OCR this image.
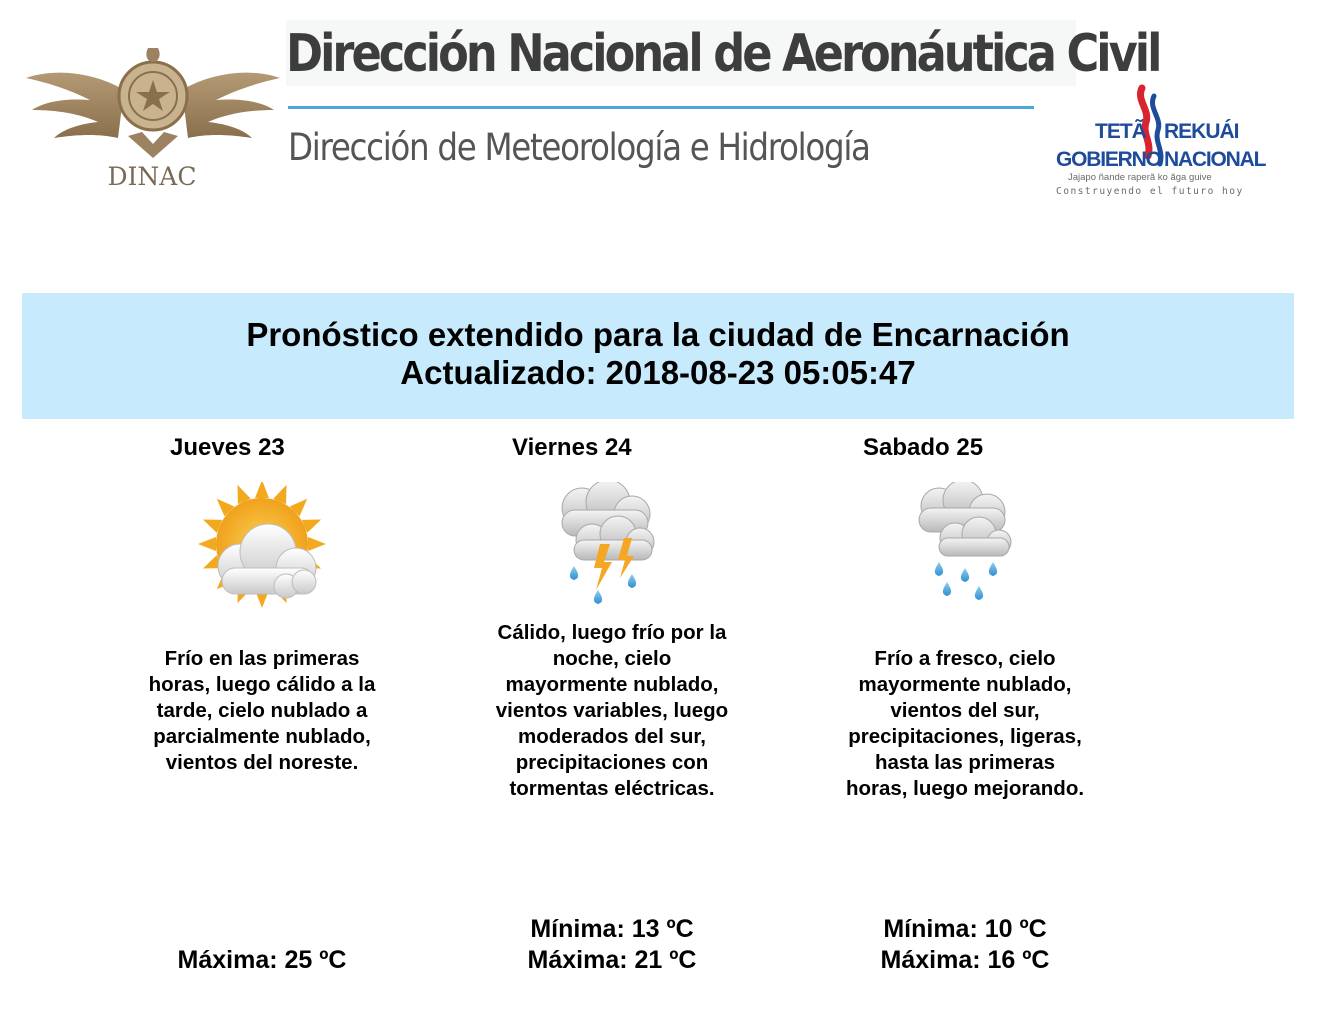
DINAC
Dirección Nacional de Aeronáutica Civil
Dirección de Meteorología e Hidrología	TETÃ REKUÁI
GOBIERNO NACIONAL
Jajapo ñande raperã ko ãga guive
Construyendo el futuro hoy
Pronóstico extendido para la ciudad de Encarnación
Actualizado: 2018-08-23 05:05:47
Jueves 23
Frío en las primeras horas, luego cálido a la tarde, cielo nublado a parcialmente nublado, vientos del noreste.
Máxima: 25 ºC
Viernes 24
Cálido, luego frío por la noche, cielo mayormente nublado, vientos variables, luego moderados del sur, precipitaciones con tormentas eléctricas.
Mínima: 13 ºC
Máxima: 21 ºC
Sabado 25
Frío a fresco, cielo mayormente nublado, vientos del sur, precipitaciones, ligeras, hasta las primeras horas, luego mejorando.
Mínima: 10 ºC
Máxima: 16 ºC
